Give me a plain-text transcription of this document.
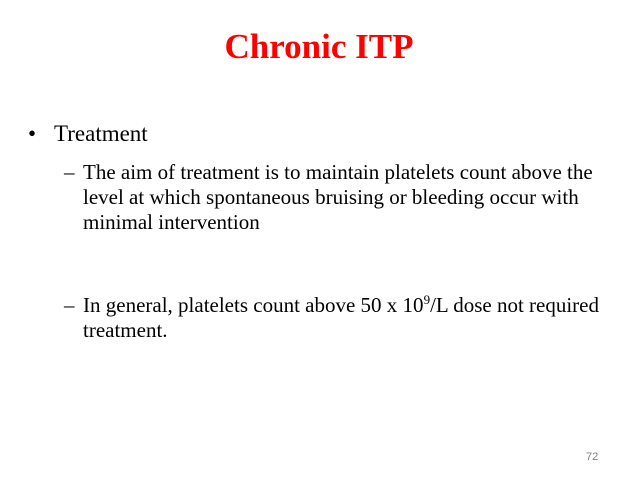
Chronic ITP
• Treatment
– The aim of treatment is to maintain platelets count above the level at which spontaneous bruising or bleeding occur with minimal intervention
– In general, platelets count above 50 x $10^9/L$ dose not required treatment.
72
